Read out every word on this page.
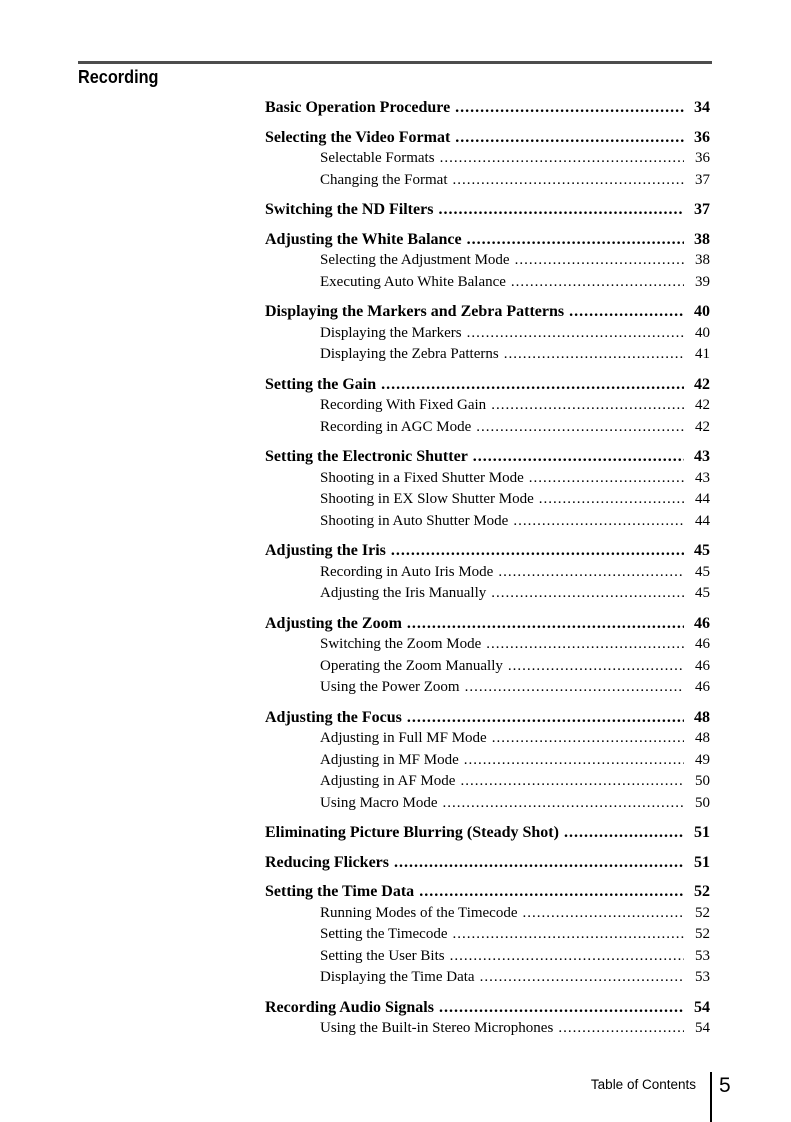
Recording
Basic Operation Procedure .....	34
Selecting the Video Format .....	36
Selectable Formats .....	36
Changing the Format .....	37
Switching the ND Filters .....	37
Adjusting the White Balance .....	38
Selecting the Adjustment Mode .....	38
Executing Auto White Balance .....	39
Displaying the Markers and Zebra Patterns .....	40
Displaying the Markers .....	40
Displaying the Zebra Patterns .....	41
Setting the Gain .....	42
Recording With Fixed Gain .....	42
Recording in AGC Mode .....	42
Setting the Electronic Shutter .....	43
Shooting in a Fixed Shutter Mode .....	43
Shooting in EX Slow Shutter Mode .....	44
Shooting in Auto Shutter Mode .....	44
Adjusting the Iris .....	45
Recording in Auto Iris Mode .....	45
Adjusting the Iris Manually .....	45
Adjusting the Zoom .....	46
Switching the Zoom Mode .....	46
Operating the Zoom Manually .....	46
Using the Power Zoom .....	46
Adjusting the Focus .....	48
Adjusting in Full MF Mode .....	48
Adjusting in MF Mode .....	49
Adjusting in AF Mode .....	50
Using Macro Mode .....	50
Eliminating Picture Blurring (Steady Shot) .....	51
Reducing Flickers .....	51
Setting the Time Data .....	52
Running Modes of the Timecode .....	52
Setting the Timecode .....	52
Setting the User Bits .....	53
Displaying the Time Data .....	53
Recording Audio Signals .....	54
Using the Built-in Stereo Microphones .....	54
Table of Contents 5
